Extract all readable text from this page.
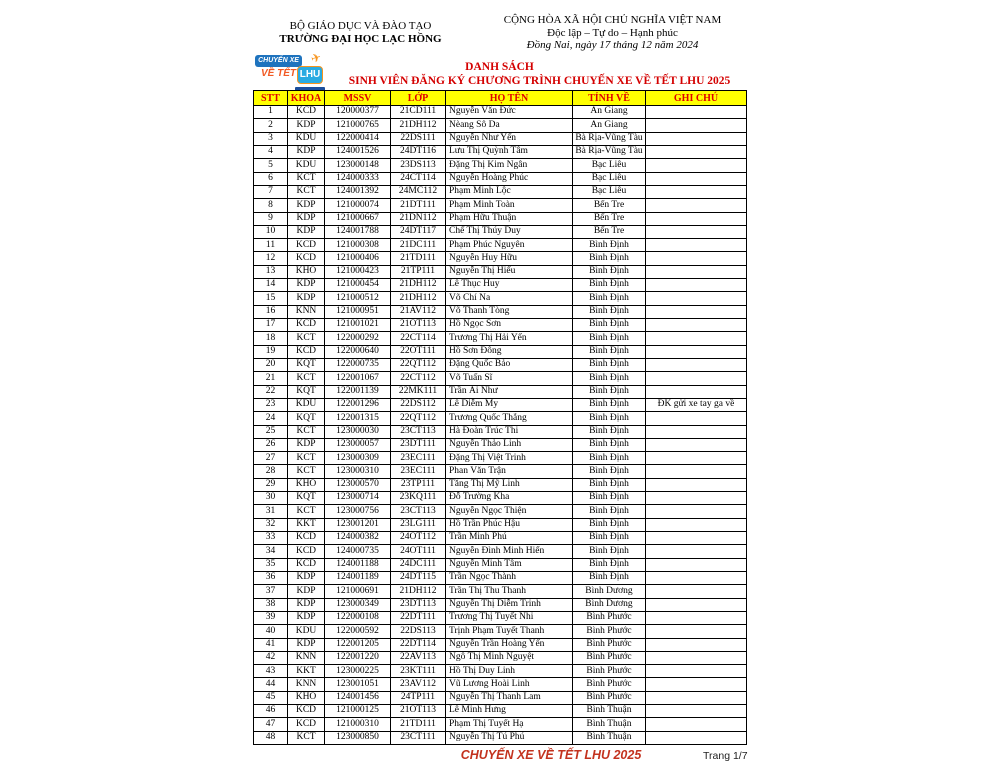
BỘ GIÁO DỤC VÀ ĐÀO TẠO
TRƯỜNG ĐẠI HỌC LẠC HỒNG
CỘNG HÒA XÃ HỘI CHỦ NGHĨA VIỆT NAM
Độc lập – Tự do – Hạnh phúc
Đồng Nai, ngày 17 tháng 12 năm 2024
CHUYẾN XE ✈
VỀ TẾT LHU
DANH SÁCH
SINH VIÊN ĐĂNG KÝ CHƯƠNG TRÌNH CHUYẾN XE VỀ TẾT LHU 2025
STT	KHOA	MSSV	LỚP	HỌ TÊN	TỈNH VỀ	GHI CHÚ
1	KCD	120000377	21CD111	Nguyễn Văn Đức	An Giang	
2	KDP	121000765	21DH112	Nèang Sô Da	An Giang	
3	KDU	122000414	22DS111	Nguyễn Như Yến	Bà Rịa-Vũng Tàu	
4	KDP	124001526	24DT116	Lưu Thị Quỳnh Tâm	Bà Rịa-Vũng Tàu	
5	KDU	123000148	23DS113	Đặng Thị Kim Ngân	Bạc Liêu	
6	KCT	124000333	24CT114	Nguyễn Hoàng Phúc	Bạc Liêu	
7	KCT	124001392	24MC112	Phạm Minh Lộc	Bạc Liêu	
8	KDP	121000074	21DT111	Phạm Minh Toàn	Bến Tre	
9	KDP	121000667	21DN112	Phạm Hữu Thuận	Bến Tre	
10	KDP	124001788	24DT117	Chế Thị Thúy Duy	Bến Tre	
11	KCD	121000308	21DC111	Phạm Phúc Nguyên	Bình Định	
12	KCD	121000406	21TD111	Nguyễn Huy Hữu	Bình Định	
13	KHO	121000423	21TP111	Nguyễn Thị Hiếu	Bình Định	
14	KDP	121000454	21DH112	Lê Thục Huy	Bình Định	
15	KDP	121000512	21DH112	Võ Chí Na	Bình Định	
16	KNN	121000951	21AV112	Võ Thanh Tòng	Bình Định	
17	KCD	121001021	21OT113	Hồ Ngọc Sơn	Bình Định	
18	KCT	122000292	22CT114	Trương Thị Hải Yến	Bình Định	
19	KCD	122000640	22OT111	Hồ Sơn Đông	Bình Định	
20	KQT	122000735	22QT112	Đặng Quốc Bảo	Bình Định	
21	KCT	122001067	22CT112	Võ Tuấn Sĩ	Bình Định	
22	KQT	122001139	22MK111	Trần Ái Như	Bình Định	
23	KDU	122001296	22DS112	Lê Diễm My	Bình Định	ĐK gửi xe tay ga về
24	KQT	122001315	22QT112	Trương Quốc Thắng	Bình Định	
25	KCT	123000030	23CT113	Hà Đoàn Trúc Thi	Bình Định	
26	KDP	123000057	23DT111	Nguyễn Thảo Linh	Bình Định	
27	KCT	123000309	23EC111	Đặng Thị Việt Trinh	Bình Định	
28	KCT	123000310	23EC111	Phan Văn Trận	Bình Định	
29	KHO	123000570	23TP111	Tăng Thị Mỹ Linh	Bình Định	
30	KQT	123000714	23KQ111	Đỗ Trường Kha	Bình Định	
31	KCT	123000756	23CT113	Nguyễn Ngọc Thiện	Bình Định	
32	KKT	123001201	23LG111	Hồ Trần Phúc Hậu	Bình Định	
33	KCD	124000382	24OT112	Trần Minh Phú	Bình Định	
34	KCD	124000735	24OT111	Nguyễn Đình Minh Hiển	Bình Định	
35	KCD	124001188	24DC111	Nguyễn Minh Tâm	Bình Định	
36	KDP	124001189	24DT115	Trần Ngọc Thành	Bình Định	
37	KDP	121000691	21DH112	Trần Thị Thu Thanh	Bình Dương	
38	KDP	123000349	23DT113	Nguyễn Thị Diễm Trinh	Bình Dương	
39	KDP	122000108	22DT111	Trương Thị Tuyết Nhi	Bình Phước	
40	KDU	122000592	22DS113	Trịnh Phạm Tuyết Thanh	Bình Phước	
41	KDP	122001205	22DT114	Nguyễn Trần Hoàng Yến	Bình Phước	
42	KNN	122001220	22AV113	Ngô Thị Minh Nguyệt	Bình Phước	
43	KKT	123000225	23KT111	Hồ Thị Duy Linh	Bình Phước	
44	KNN	123001051	23AV112	Vũ Lương Hoài Linh	Bình Phước	
45	KHO	124001456	24TP111	Nguyễn Thị Thanh Lam	Bình Phước	
46	KCD	121000125	21OT113	Lê Minh Hưng	Bình Thuận	
47	KCD	121000310	21TD111	Phạm Thị Tuyết Hạ	Bình Thuận	
48	KCT	123000850	23CT111	Nguyễn Thị Tú Phú	Bình Thuận	
CHUYẾN XE VỀ TẾT LHU 2025	Trang 1/7
